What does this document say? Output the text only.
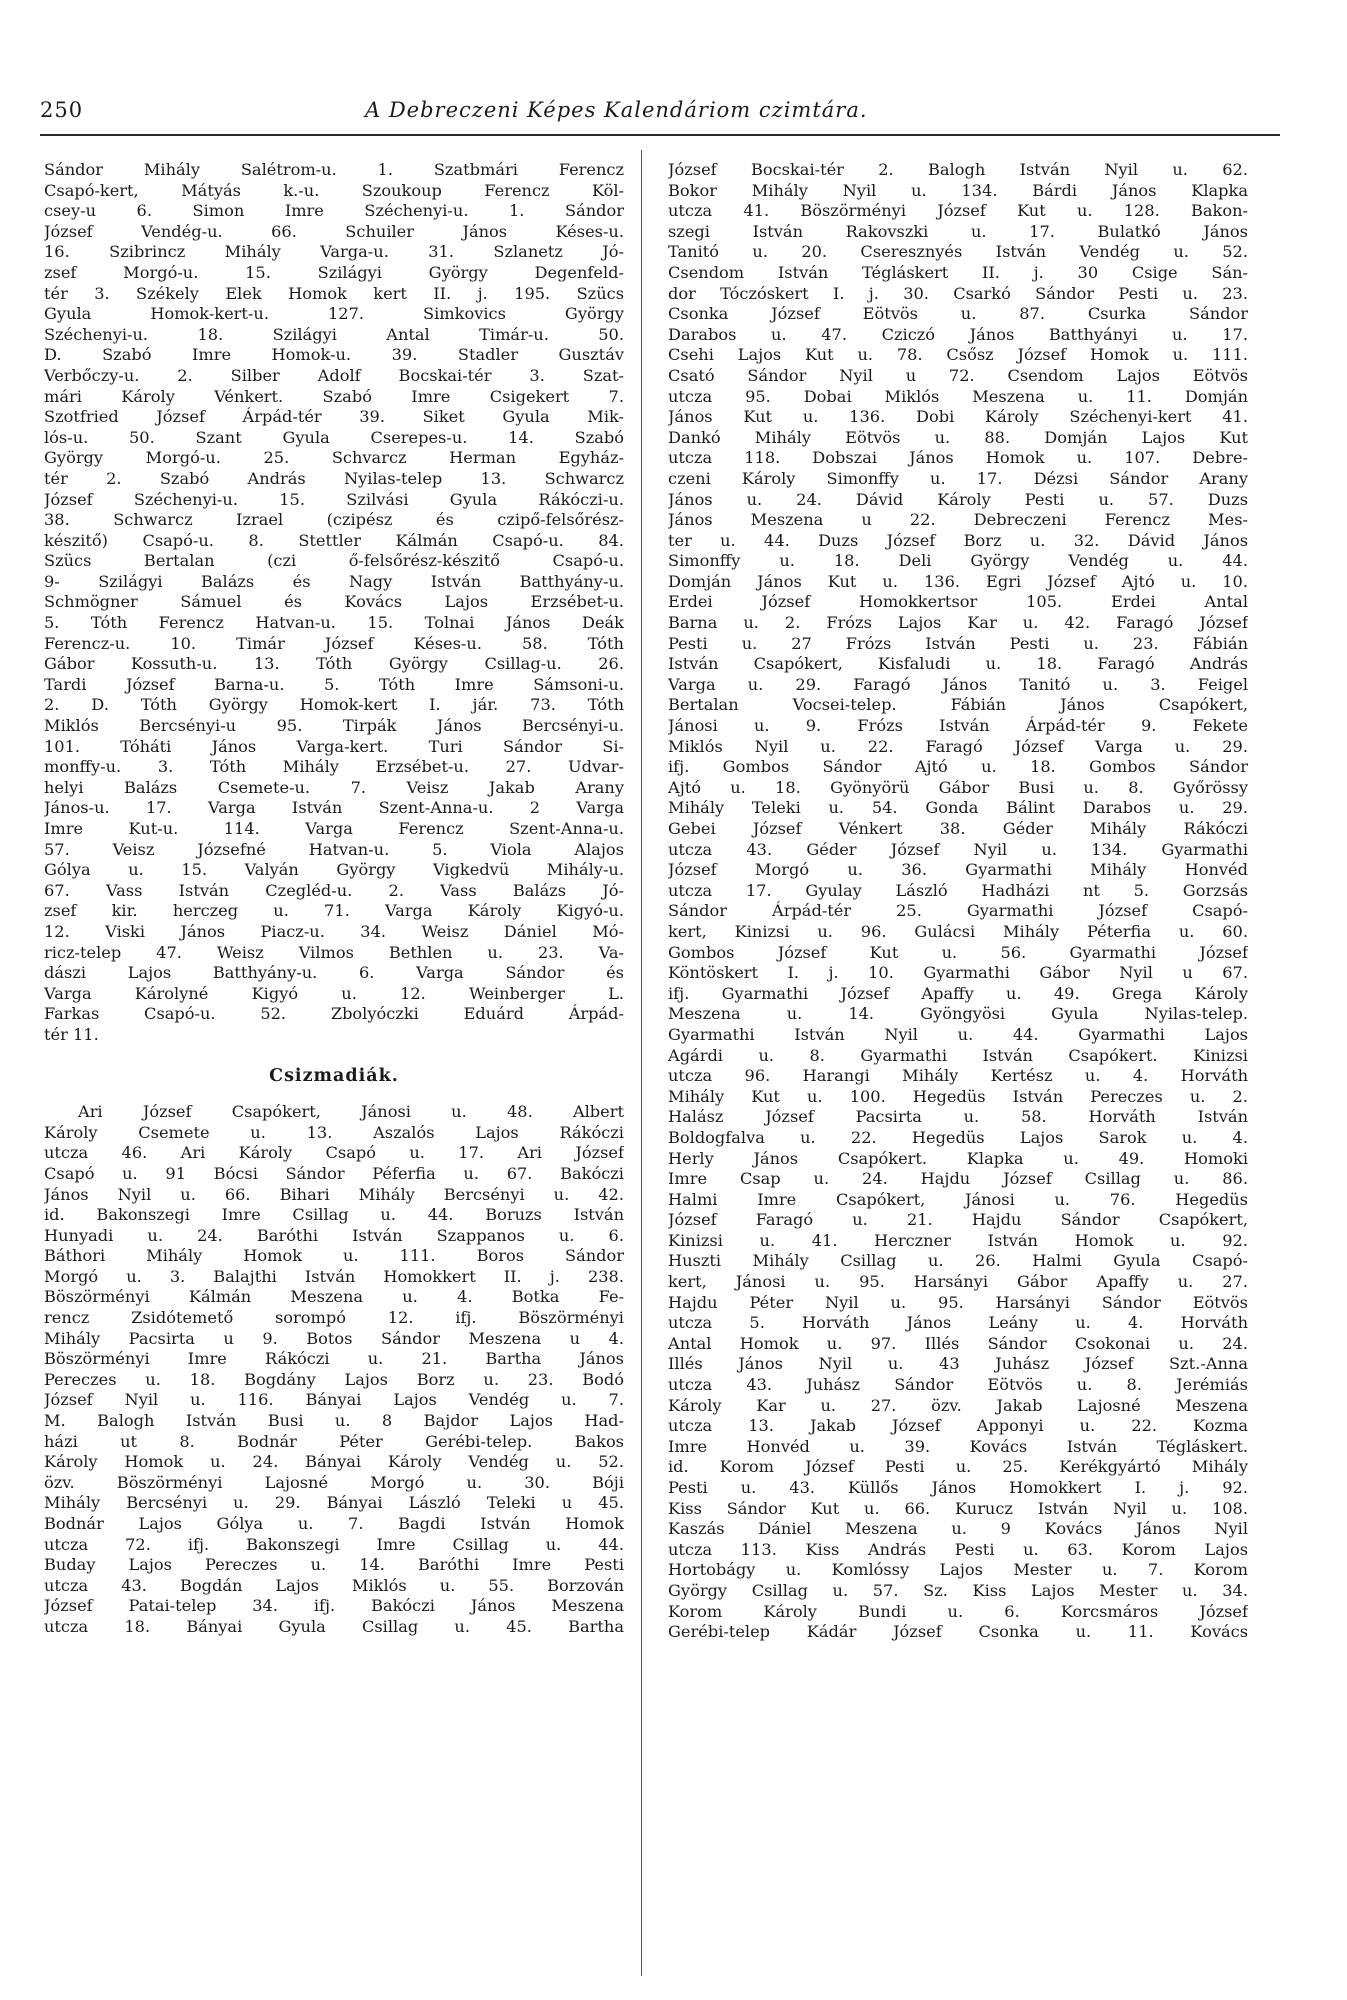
250	A Debreczeni Képes Kalendáriom czimtára.
Sándor Mihály Salétrom-u. 1. Szatbmári Ferencz
Csapó-kert, Mátyás k.-u. Szoukoup Ferencz Köl-
csey-u 6. Simon Imre Széchenyi-u. 1. Sándor
József Vendég-u. 66. Schuiler János Késes-u.
16. Szibrincz Mihály Varga-u. 31. Szlanetz Jó-
zsef Morgó-u. 15. Szilágyi György Degenfeld-
tér 3. Székely Elek Homok kert II. j. 195. Szücs
Gyula Homok-kert-u. 127. Simkovics György
Széchenyi-u. 18. Szilágyi Antal Timár-u. 50.
D. Szabó Imre Homok-u. 39. Stadler Gusztáv
Verbőczy-u. 2. Silber Adolf Bocskai-tér 3. Szat-
mári Károly Vénkert. Szabó Imre Csigekert 7.
Szotfried József Árpád-tér 39. Siket Gyula Mik-
lós-u. 50. Szant Gyula Cserepes-u. 14. Szabó
György Morgó-u. 25. Schvarcz Herman Egyház-
tér 2. Szabó András Nyilas-telep 13. Schwarcz
József Széchenyi-u. 15. Szilvási Gyula Rákóczi-u.
38. Schwarcz Izrael (czipész és czipő-felsőrész-
készitő) Csapó-u. 8. Stettler Kálmán Csapó-u. 84.
Szücs Bertalan (czi ő-felsőrész-készitő Csapó-u.
9- Szilágyi Balázs és Nagy István Batthyány-u.
Schmögner Sámuel és Kovács Lajos Erzsébet-u.
5. Tóth Ferencz Hatvan-u. 15. Tolnai János Deák
Ferencz-u. 10. Timár József Késes-u. 58. Tóth
Gábor Kossuth-u. 13. Tóth György Csillag-u. 26.
Tardi József Barna-u. 5. Tóth Imre Sámsoni-u.
2. D. Tóth György Homok-kert I. jár. 73. Tóth
Miklós Bercsényi-u 95. Tirpák János Bercsényi-u.
101. Tóháti János Varga-kert. Turi Sándor Si-
monffy-u. 3. Tóth Mihály Erzsébet-u. 27. Udvar-
helyi Balázs Csemete-u. 7. Veisz Jakab Arany
János-u. 17. Varga István Szent-Anna-u. 2 Varga
Imre Kut-u. 114. Varga Ferencz Szent-Anna-u.
57. Veisz Józsefné Hatvan-u. 5. Viola Alajos
Gólya u. 15. Valyán György Vigkedvü Mihály-u.
67. Vass István Czegléd-u. 2. Vass Balázs Jó-
zsef kir. herczeg u. 71. Varga Károly Kigyó-u.
12. Viski János Piacz-u. 34. Weisz Dániel Mó-
ricz-telep 47. Weisz Vilmos Bethlen u. 23. Va-
dászi Lajos Batthyány-u. 6. Varga Sándor és
Varga Károlyné Kigyó u. 12. Weinberger L.
Farkas Csapó-u. 52. Zbolyóczki Eduárd Árpád-
tér 11.
Csizmadiák.
Ari József Csapókert, Jánosi u. 48. Albert
Károly Csemete u. 13. Aszalós Lajos Rákóczi
utcza 46. Ari Károly Csapó u. 17. Ari József
Csapó u. 91 Bócsi Sándor Péferfia u. 67. Bakóczi
János Nyil u. 66. Bihari Mihály Bercsényi u. 42.
id. Bakonszegi Imre Csillag u. 44. Boruzs István
Hunyadi u. 24. Baróthi István Szappanos u. 6.
Báthori Mihály Homok u. 111. Boros Sándor
Morgó u. 3. Balajthi István Homokkert II. j. 238.
Böszörményi Kálmán Meszena u. 4. Botka Fe-
rencz Zsidótemető sorompó 12. ifj. Böszörményi
Mihály Pacsirta u 9. Botos Sándor Meszena u 4.
Böszörményi Imre Rákóczi u. 21. Bartha János
Pereczes u. 18. Bogdány Lajos Borz u. 23. Bodó
József Nyil u. 116. Bányai Lajos Vendég u. 7.
M. Balogh István Busi u. 8 Bajdor Lajos Had-
házi ut 8. Bodnár Péter Gerébi-telep. Bakos
Károly Homok u. 24. Bányai Károly Vendég u. 52.
özv. Böszörményi Lajosné Morgó u. 30. Bóji
Mihály Bercsényi u. 29. Bányai László Teleki u 45.
Bodnár Lajos Gólya u. 7. Bagdi István Homok
utcza 72. ifj. Bakonszegi Imre Csillag u. 44.
Buday Lajos Pereczes u. 14. Baróthi Imre Pesti
utcza 43. Bogdán Lajos Miklós u. 55. Borzován
József Patai-telep 34. ifj. Bakóczi János Meszena
utcza 18. Bányai Gyula Csillag u. 45. Bartha
József Bocskai-tér 2. Balogh István Nyil u. 62.
Bokor Mihály Nyil u. 134. Bárdi János Klapka
utcza 41. Böszörményi József Kut u. 128. Bakon-
szegi István Rakovszki u. 17. Bulatkó János
Tanitó u. 20. Cseresznyés István Vendég u. 52.
Csendom István Tégláskert II. j. 30 Csige Sán-
dor Tóczóskert I. j. 30. Csarkó Sándor Pesti u. 23.
Csonka József Eötvös u. 87. Csurka Sándor
Darabos u. 47. Cziczó János Batthyányi u. 17.
Csehi Lajos Kut u. 78. Csősz József Homok u. 111.
Csató Sándor Nyil u 72. Csendom Lajos Eötvös
utcza 95. Dobai Miklós Meszena u. 11. Domján
János Kut u. 136. Dobi Károly Széchenyi-kert 41.
Dankó Mihály Eötvös u. 88. Domján Lajos Kut
utcza 118. Dobszai János Homok u. 107. Debre-
czeni Károly Simonffy u. 17. Dézsi Sándor Arany
János u. 24. Dávid Károly Pesti u. 57. Duzs
János Meszena u 22. Debreczeni Ferencz Mes-
ter u. 44. Duzs József Borz u. 32. Dávid János
Simonffy u. 18. Deli György Vendég u. 44.
Domján János Kut u. 136. Egri József Ajtó u. 10.
Erdei József Homokkertsor 105. Erdei Antal
Barna u. 2. Frózs Lajos Kar u. 42. Faragó József
Pesti u. 27 Frózs István Pesti u. 23. Fábián
István Csapókert, Kisfaludi u. 18. Faragó András
Varga u. 29. Faragó János Tanitó u. 3. Feigel
Bertalan Vocsei-telep. Fábián János Csapókert,
Jánosi u. 9. Frózs István Árpád-tér 9. Fekete
Miklós Nyil u. 22. Faragó József Varga u. 29.
ifj. Gombos Sándor Ajtó u. 18. Gombos Sándor
Ajtó u. 18. Gyönyörü Gábor Busi u. 8. Győrössy
Mihály Teleki u. 54. Gonda Bálint Darabos u. 29.
Gebei József Vénkert 38. Géder Mihály Rákóczi
utcza 43. Géder József Nyil u. 134. Gyarmathi
József Morgó u. 36. Gyarmathi Mihály Honvéd
utcza 17. Gyulay László Hadházi nt 5. Gorzsás
Sándor Árpád-tér 25. Gyarmathi József Csapó-
kert, Kinizsi u. 96. Gulácsi Mihály Péterfia u. 60.
Gombos József Kut u. 56. Gyarmathi József
Köntöskert I. j. 10. Gyarmathi Gábor Nyil u 67.
ifj. Gyarmathi József Apaffy u. 49. Grega Károly
Meszena u. 14. Gyöngyösi Gyula Nyilas-telep.
Gyarmathi István Nyil u. 44. Gyarmathi Lajos
Agárdi u. 8. Gyarmathi István Csapókert. Kinizsi
utcza 96. Harangi Mihály Kertész u. 4. Horváth
Mihály Kut u. 100. Hegedüs István Pereczes u. 2.
Halász József Pacsirta u. 58. Horváth István
Boldogfalva u. 22. Hegedüs Lajos Sarok u. 4.
Herly János Csapókert. Klapka u. 49. Homoki
Imre Csap u. 24. Hajdu József Csillag u. 86.
Halmi Imre Csapókert, Jánosi u. 76. Hegedüs
József Faragó u. 21. Hajdu Sándor Csapókert,
Kinizsi u. 41. Herczner István Homok u. 92.
Huszti Mihály Csillag u. 26. Halmi Gyula Csapó-
kert, Jánosi u. 95. Harsányi Gábor Apaffy u. 27.
Hajdu Péter Nyil u. 95. Harsányi Sándor Eötvös
utcza 5. Horváth János Leány u. 4. Horváth
Antal Homok u. 97. Illés Sándor Csokonai u. 24.
Illés János Nyil u. 43 Juhász József Szt.-Anna
utcza 43. Juhász Sándor Eötvös u. 8. Jerémiás
Károly Kar u. 27. özv. Jakab Lajosné Meszena
utcza 13. Jakab József Apponyi u. 22. Kozma
Imre Honvéd u. 39. Kovács István Tégláskert.
id. Korom József Pesti u. 25. Kerékgyártó Mihály
Pesti u. 43. Küllős János Homokkert I. j. 92.
Kiss Sándor Kut u. 66. Kurucz István Nyil u. 108.
Kaszás Dániel Meszena u. 9 Kovács János Nyil
utcza 113. Kiss András Pesti u. 63. Korom Lajos
Hortobágy u. Komlóssy Lajos Mester u. 7. Korom
György Csillag u. 57. Sz. Kiss Lajos Mester u. 34.
Korom Károly Bundi u. 6. Korcsmáros József
Gerébi-telep Kádár József Csonka u. 11. Kovács
